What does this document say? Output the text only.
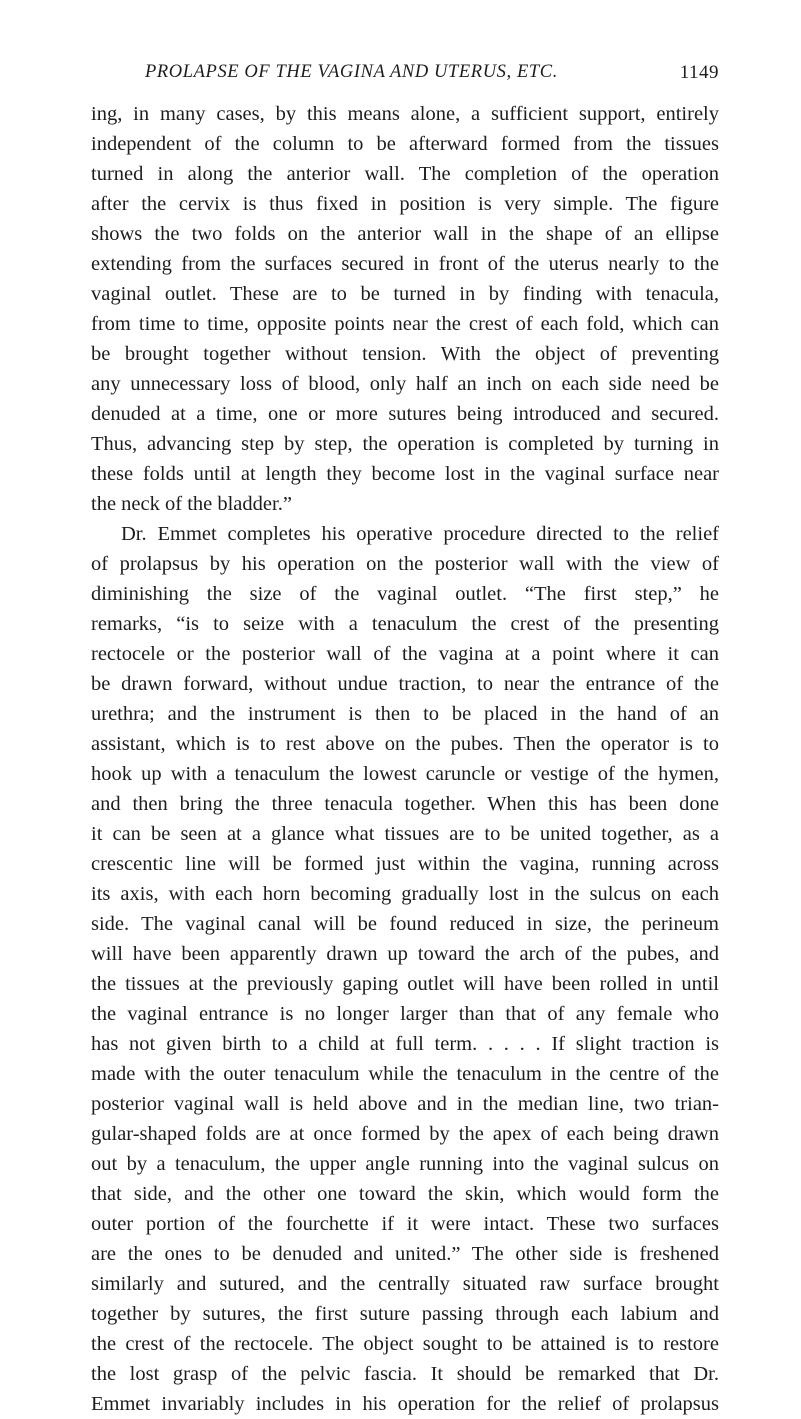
PROLAPSE OF THE VAGINA AND UTERUS, ETC.	1149
ing, in many cases, by this means alone, a sufficient support, entirely
independent of the column to be afterward formed from the tissues
turned in along the anterior wall. The completion of the operation
after the cervix is thus fixed in position is very simple. The figure
shows the two folds on the anterior wall in the shape of an ellipse
extending from the surfaces secured in front of the uterus nearly to the
vaginal outlet. These are to be turned in by finding with tenacula,
from time to time, opposite points near the crest of each fold, which can
be brought together without tension. With the object of preventing
any unnecessary loss of blood, only half an inch on each side need be
denuded at a time, one or more sutures being introduced and secured.
Thus, advancing step by step, the operation is completed by turning in
these folds until at length they become lost in the vaginal surface near
the neck of the bladder.”
Dr. Emmet completes his operative procedure directed to the relief
of prolapsus by his operation on the posterior wall with the view of
diminishing the size of the vaginal outlet. “The first step,” he
remarks, “is to seize with a tenaculum the crest of the presenting
rectocele or the posterior wall of the vagina at a point where it can
be drawn forward, without undue traction, to near the entrance of the
urethra; and the instrument is then to be placed in the hand of an
assistant, which is to rest above on the pubes. Then the operator is to
hook up with a tenaculum the lowest caruncle or vestige of the hymen,
and then bring the three tenacula together. When this has been done
it can be seen at a glance what tissues are to be united together, as a
crescentic line will be formed just within the vagina, running across
its axis, with each horn becoming gradually lost in the sulcus on each
side. The vaginal canal will be found reduced in size, the perineum
will have been apparently drawn up toward the arch of the pubes, and
the tissues at the previously gaping outlet will have been rolled in until
the vaginal entrance is no longer larger than that of any female who
has not given birth to a child at full term. . . . . If slight traction is
made with the outer tenaculum while the tenaculum in the centre of the
posterior vaginal wall is held above and in the median line, two trian-
gular-shaped folds are at once formed by the apex of each being drawn
out by a tenaculum, the upper angle running into the vaginal sulcus on
that side, and the other one toward the skin, which would form the
outer portion of the fourchette if it were intact. These two surfaces
are the ones to be denuded and united.” The other side is freshened
similarly and sutured, and the centrally situated raw surface brought
together by sutures, the first suture passing through each labium and
the crest of the rectocele. The object sought to be attained is to restore
the lost grasp of the pelvic fascia. It should be remarked that Dr.
Emmet invariably includes in his operation for the relief of prolapsus
